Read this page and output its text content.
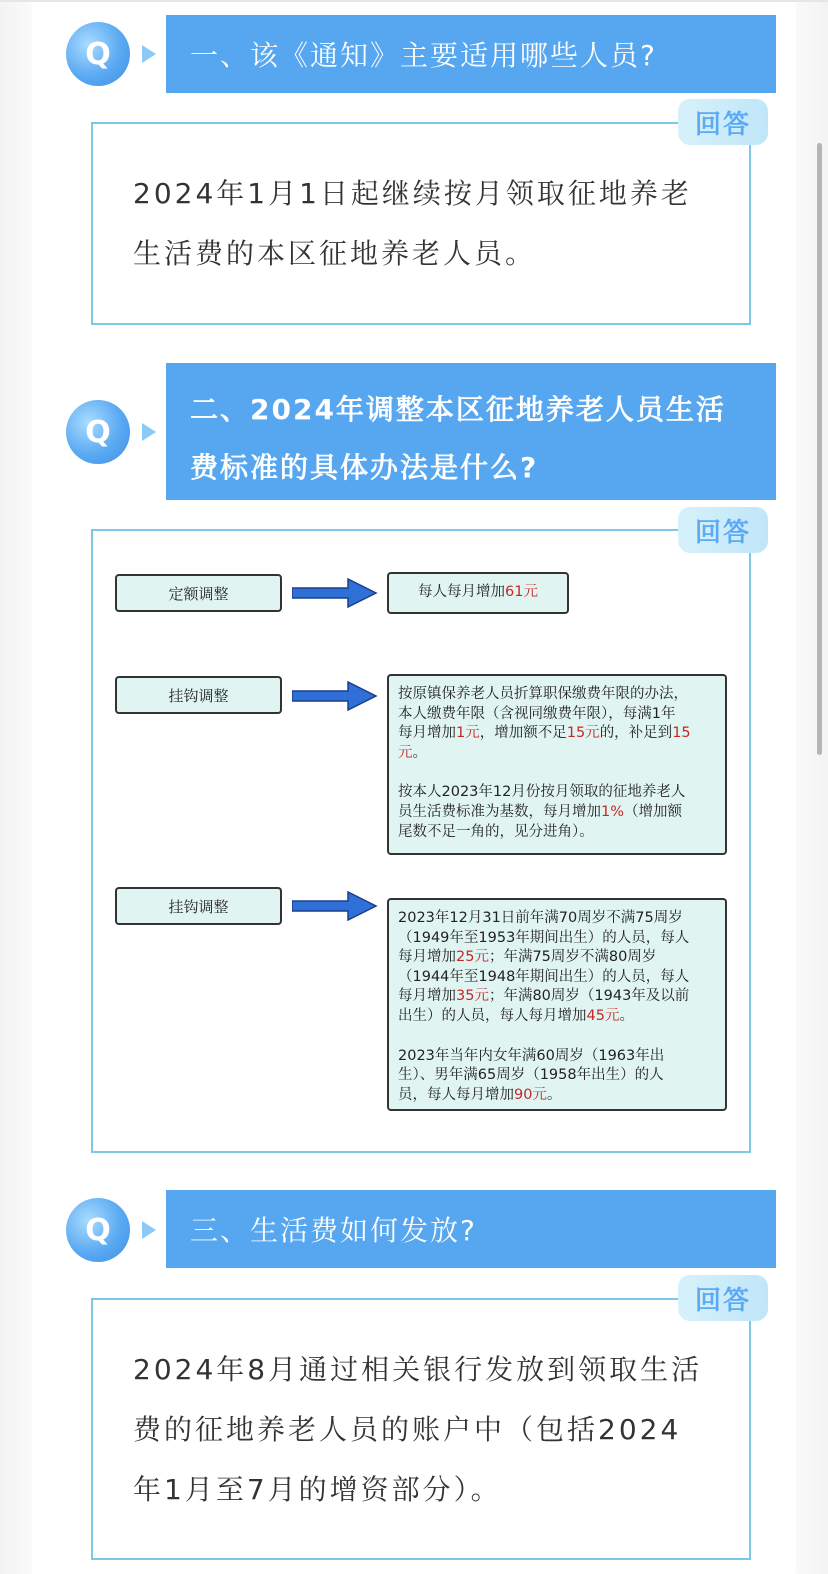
Q	一、该《通知》主要适用哪些人员?
回答
2024年1月1日起继续按月领取征地养老
生活费的本区征地养老人员。
Q
二、2024年调整本区征地养老人员生活
费标准的具体办法是什么?
回答
定额调整	每人每月增加 61元
挂钩调整	按原镇保养老人员折算职保缴费年限的办法，

本人缴费年限（含视同缴费年限），每满1年

每月增加1元，增加额不足15元的，补足到15

元。

按本人2023年12月份按月领取的征地养老人

员生活费标准为基数，每月增加1%（增加额

尾数不足一角的，见分进角）。

挂钩调整

2023年12月31日前年满70周岁不满75周岁

（1949年至1953年期间出生）的人员，每人

每月增加25元；年满75周岁不满80周岁

（1944年至1948年期间出生）的人员，每人

每月增加35元；年满80周岁（1943年及以前

出生）的人员，每人每月增加45元。

2023年当年内女年满60周岁（1963年出

生）、男年满65周岁（1958年出生）的人

员，每人每月增加90元。

Q	三、生活费如何发放?
回答
2024年8月通过相关银行发放到领取生活
费的征地养老人员的账户中（包括2024
年1月至7月的增资部分）。
